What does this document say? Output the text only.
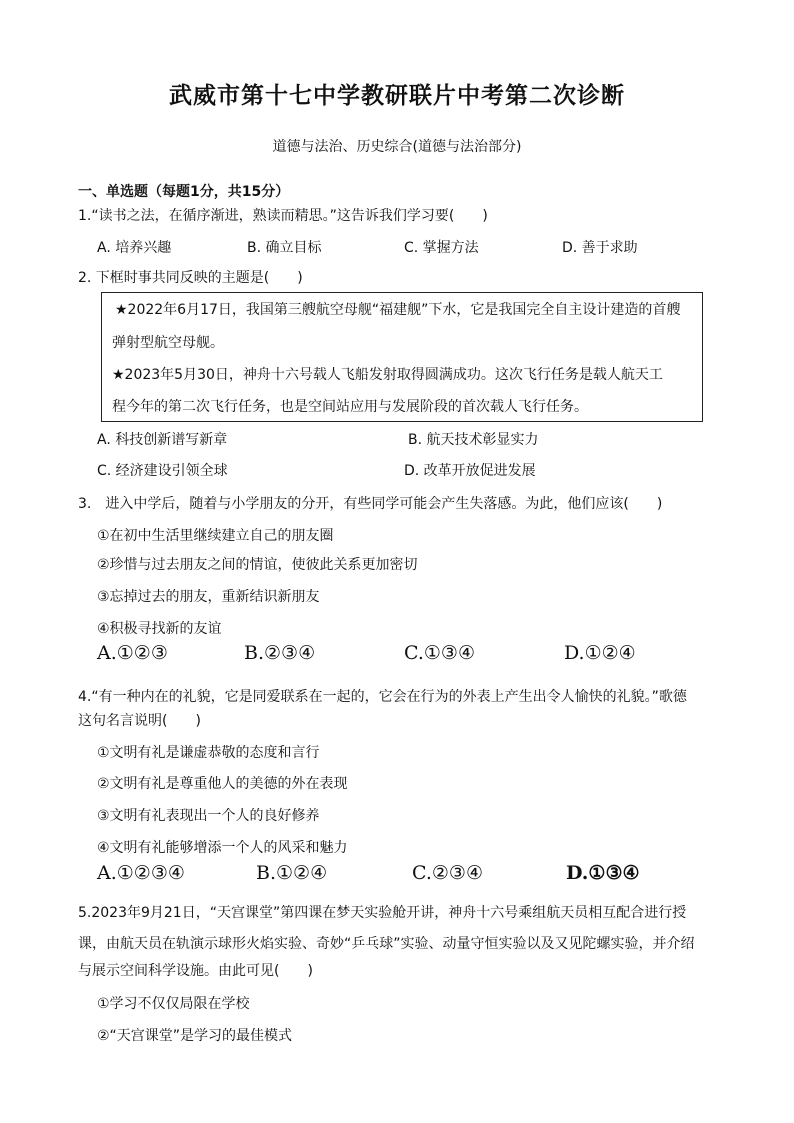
武威市第十七中学教研联片中考第二次诊断
道德与法治、历史综合(道德与法治部分)
一、单选题（每题1分，共15分）
1.“读书之法，在循序渐进，熟读而精思。”这告诉我们学习要(　　)
A. 培养兴趣	B. 确立目标	C. 掌握方法	D. 善于求助
2. 下框时事共同反映的主题是(　　)
★2022年6月17日，我国第三艘航空母舰“福建舰”下水，它是我国完全自主设计建造的首艘
弹射型航空母舰。
★2023年5月30日，神舟十六号载人飞船发射取得圆满成功。这次飞行任务是载人航天工
程今年的第二次飞行任务，也是空间站应用与发展阶段的首次载人飞行任务。
A. 科技创新谱写新章	B. 航天技术彰显实力
C. 经济建设引领全球	D. 改革开放促进发展
3.　进入中学后，随着与小学朋友的分开，有些同学可能会产生失落感。为此，他们应该(　　)
①在初中生活里继续建立自己的朋友圈
②珍惜与过去朋友之间的情谊，使彼此关系更加密切
③忘掉过去的朋友，重新结识新朋友
④积极寻找新的友谊
A.①②③	B.②③④	C.①③④	D.①②④
4.“有一种内在的礼貌，它是同爱联系在一起的，它会在行为的外表上产生出令人愉快的礼貌。”歌德
这句名言说明(　　)
①文明有礼是谦虚恭敬的态度和言行
②文明有礼是尊重他人的美德的外在表现
③文明有礼表现出一个人的良好修养
④文明有礼能够增添一个人的风采和魅力
A.①②③④	B.①②④	C.②③④	D.①③④
5.2023年9月21日，“天宫课堂”第四课在梦天实验舱开讲，神舟十六号乘组航天员相互配合进行授
课，由航天员在轨演示球形火焰实验、奇妙“乒乓球”实验、动量守恒实验以及又见陀螺实验，并介绍
与展示空间科学设施。由此可见(　　)
①学习不仅仅局限在学校
②“天宫课堂”是学习的最佳模式
